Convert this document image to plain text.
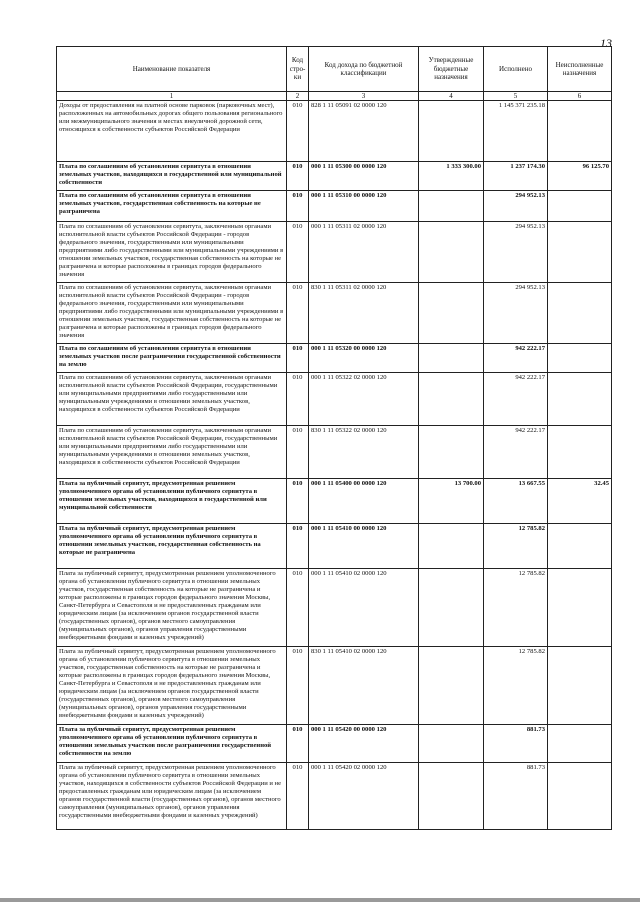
13
Наименование показателя	Код стро-ки	Код дохода по бюджетной классификации	Утвержденные бюджетные назначения	Исполнено	Неисполненные назначения
1	2	3	4	5	6
Доходы от предоставления на платной основе парковок (парковочных мест), расположенных на автомобильных дорогах общего пользования регионального или межмуниципального значения и местах внеуличной дорожной сети, относящихся к собственности субъектов Российской Федерации	010	828 1 11 05091 02 0000 120		1 145 371 235.18	
Плата по соглашениям об установлении сервитута в отношении земельных участков, находящихся в государственной или муниципальной собственности	010	000 1 11 05300 00 0000 120	1 333 300.00	1 237 174.30	96 125.70
Плата по соглашениям об установлении сервитута в отношении земельных участков, государственная собственность на которые не разграничена	010	000 1 11 05310 00 0000 120		294 952.13	
Плата по соглашениям об установлении сервитута, заключенным органами исполнительной власти субъектов Российской Федерации - городов федерального значения, государственными или муниципальными предприятиями либо государственными или муниципальными учреждениями в отношении земельных участков, государственная собственность на которые не разграничена и которые расположены в границах городов федерального значения	010	000 1 11 05311 02 0000 120		294 952.13	
Плата по соглашениям об установлении сервитута, заключенным органами исполнительной власти субъектов Российской Федерации - городов федерального значения, государственными или муниципальными предприятиями либо государственными или муниципальными учреждениями в отношении земельных участков, государственная собственность на которые не разграничена и которые расположены в границах городов федерального значения	010	830 1 11 05311 02 0000 120		294 952.13	
Плата по соглашениям об установлении сервитута в отношении земельных участков после разграничения государственной собственности на землю	010	000 1 11 05320 00 0000 120		942 222.17	
Плата по соглашениям об установлении сервитута, заключенным органами исполнительной власти субъектов Российской Федерации, государственными или муниципальными предприятиями либо государственными или муниципальными учреждениями в отношении земельных участков, находящихся в собственности субъектов Российской Федерации	010	000 1 11 05322 02 0000 120		942 222.17	
Плата по соглашениям об установлении сервитута, заключенным органами исполнительной власти субъектов Российской Федерации, государственными или муниципальными предприятиями либо государственными или муниципальными учреждениями в отношении земельных участков, находящихся в собственности субъектов Российской Федерации	010	830 1 11 05322 02 0000 120		942 222.17	
Плата за публичный сервитут, предусмотренная решением уполномоченного органа об установлении публичного сервитута в отношении земельных участков, находящихся в государственной или муниципальной собственности	010	000 1 11 05400 00 0000 120	13 700.00	13 667.55	32.45
Плата за публичный сервитут, предусмотренная решением уполномоченного органа об установлении публичного сервитута в отношении земельных участков, государственная собственность на которые не разграничена	010	000 1 11 05410 00 0000 120		12 785.82	
Плата за публичный сервитут, предусмотренная решением уполномоченного органа об установлении публичного сервитута в отношении земельных участков, государственная собственность на которые не разграничена и которые расположены в границах городов федерального значения Москвы, Санкт-Петербурга и Севастополя и не предоставленных гражданам или юридическим лицам (за исключением органов государственной власти (государственных органов), органов местного самоуправления (муниципальных органов), органов управления государственными внебюджетными фондами и казенных учреждений)	010	000 1 11 05410 02 0000 120		12 785.82	
Плата за публичный сервитут, предусмотренная решением уполномоченного органа об установлении публичного сервитута в отношении земельных участков, государственная собственность на которые не разграничена и которые расположены в границах городов федерального значения Москвы, Санкт-Петербурга и Севастополя и не предоставленных гражданам или юридическим лицам (за исключением органов государственной власти (государственных органов), органов местного самоуправления (муниципальных органов), органов управления государственными внебюджетными фондами и казенных учреждений)	010	830 1 11 05410 02 0000 120		12 785.82	
Плата за публичный сервитут, предусмотренная решением уполномоченного органа об установлении публичного сервитута в отношении земельных участков после разграничения государственной собственности на землю	010	000 1 11 05420 00 0000 120		881.73	
Плата за публичный сервитут, предусмотренная решением уполномоченного органа об установлении публичного сервитута в отношении земельных участков, находящихся в собственности субъектов Российской Федерации и не предоставленных гражданам или юридическим лицам (за исключением органов государственной власти (государственных органов), органов местного самоуправления (муниципальных органов), органов управления государственными внебюджетными фондами и казенных учреждений)	010	000 1 11 05420 02 0000 120		881.73	
